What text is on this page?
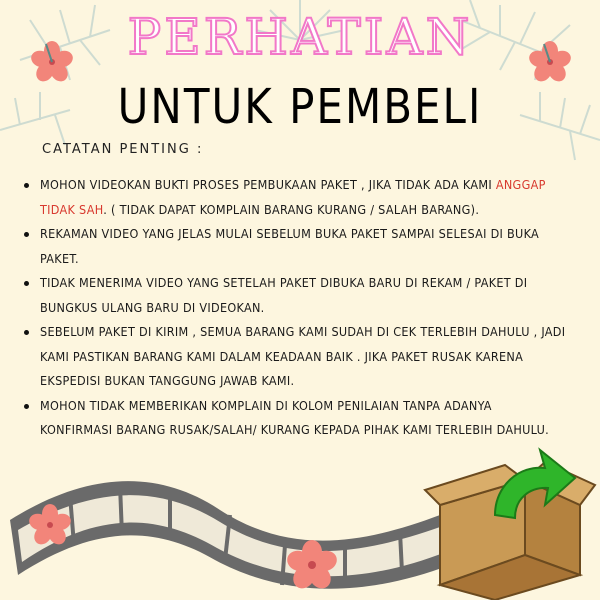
PERHATIAN
UNTUK PEMBELI
CATATAN PENTING :
MOHON VIDEOKAN BUKTI PROSES PEMBUKAAN PAKET , JIKA TIDAK ADA KAMI ANGGAP TIDAK SAH. ( TIDAK DAPAT KOMPLAIN BARANG KURANG / SALAH BARANG).
REKAMAN VIDEO YANG JELAS MULAI SEBELUM BUKA PAKET SAMPAI SELESAI DI BUKA PAKET.
TIDAK MENERIMA VIDEO YANG SETELAH PAKET DIBUKA BARU DI REKAM / PAKET DI BUNGKUS ULANG BARU DI VIDEOKAN.
SEBELUM PAKET DI KIRIM , SEMUA BARANG KAMI SUDAH DI CEK TERLEBIH DAHULU , JADI KAMI PASTIKAN BARANG KAMI DALAM KEADAAN BAIK . JIKA PAKET RUSAK KARENA EKSPEDISI BUKAN TANGGUNG JAWAB KAMI.
MOHON TIDAK MEMBERIKAN KOMPLAIN DI KOLOM PENILAIAN TANPA ADANYA KONFIRMASI BARANG RUSAK/SALAH/ KURANG KEPADA PIHAK KAMI TERLEBIH DAHULU.
